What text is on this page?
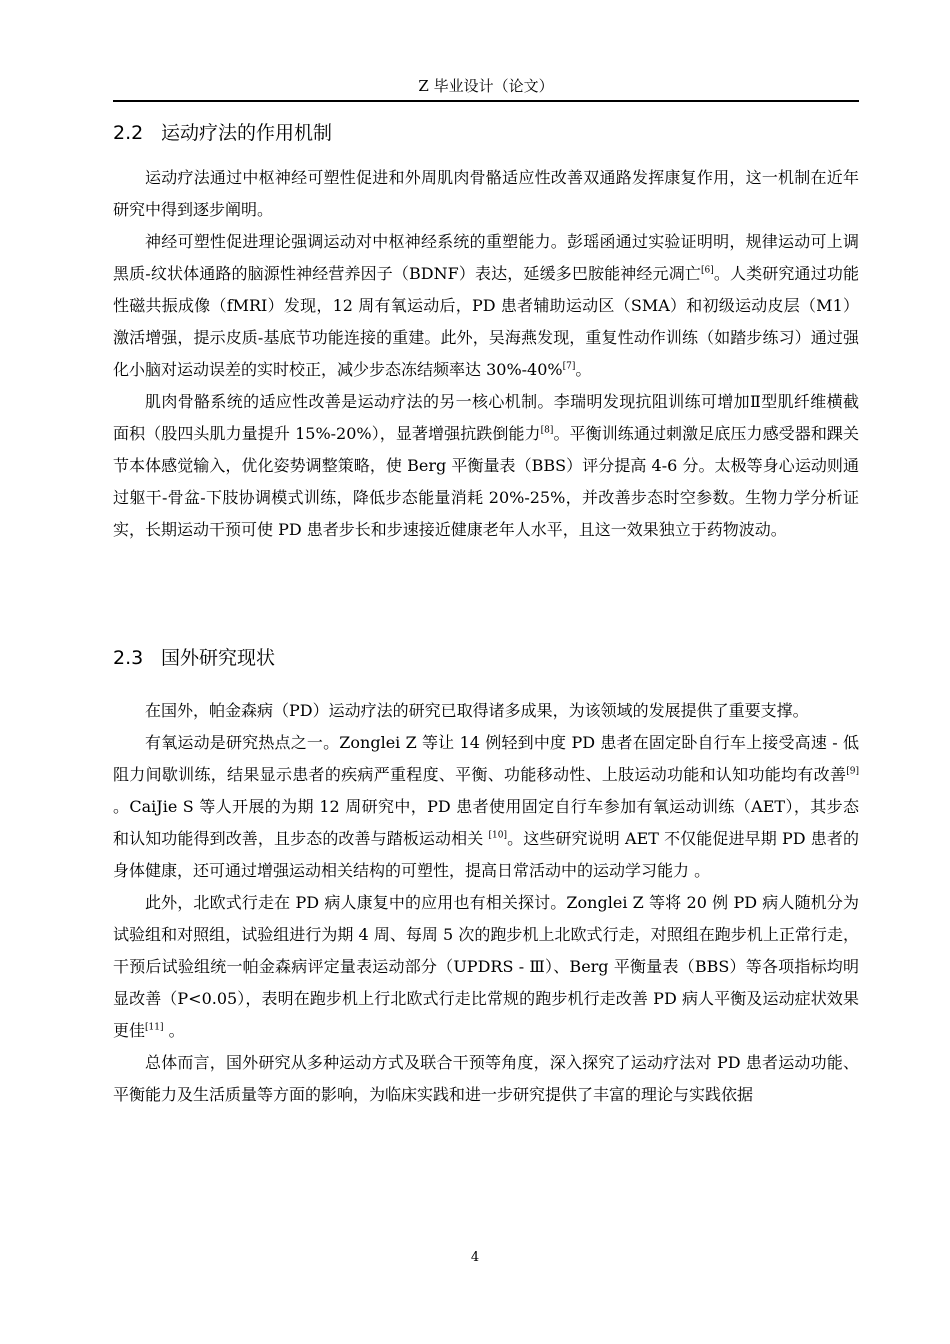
Z 毕业设计（论文）
2.2 运动疗法的作用机制

运动疗法通过中枢神经可塑性促进和外周肌肉骨骼适应性改善双通路发挥康复作用，这一机制在近年研究中得到逐步阐明。

神经可塑性促进理论强调运动对中枢神经系统的重塑能力。彭瑶函通过实验证明明，规律运动可上调黑质-纹状体通路的脑源性神经营养因子（BDNF）表达，延缓多巴胺能神经元凋亡[6]。人类研究通过功能性磁共振成像（fMRI）发现，12 周有氧运动后，PD 患者辅助运动区（SMA）和初级运动皮层（M1）激活增强，提示皮质-基底节功能连接的重建。此外，吴海燕发现，重复性动作训练（如踏步练习）通过强化小脑对运动误差的实时校正，减少步态冻结频率达 30%-40%[7]。

肌肉骨骼系统的适应性改善是运动疗法的另一核心机制。李瑞明发现抗阻训练可增加Ⅱ型肌纤维横截面积（股四头肌力量提升 15%-20%），显著增强抗跌倒能力[8]。平衡训练通过刺激足底压力感受器和踝关节本体感觉输入，优化姿势调整策略，使 Berg 平衡量表（BBS）评分提高 4-6 分。太极等身心运动则通过躯干-骨盆-下肢协调模式训练，降低步态能量消耗 20%-25%，并改善步态时空参数。生物力学分析证实，长期运动干预可使 PD 患者步长和步速接近健康老年人水平，且这一效果独立于药物波动。

2.3 国外研究现状

在国外，帕金森病（PD）运动疗法的研究已取得诸多成果，为该领域的发展提供了重要支撑。

有氧运动是研究热点之一。Zonglei Z 等让 14 例轻到中度 PD 患者在固定卧自行车上接受高速 - 低阻力间歇训练，结果显示患者的疾病严重程度、平衡、功能移动性、上肢运动功能和认知功能均有改善[9] 。CaiJie S 等人开展的为期 12 周研究中，PD 患者使用固定自行车参加有氧运动训练（AET），其步态和认知功能得到改善，且步态的改善与踏板运动相关 [10]。这些研究说明 AET 不仅能促进早期 PD 患者的身体健康，还可通过增强运动相关结构的可塑性，提高日常活动中的运动学习能力 。

此外，北欧式行走在 PD 病人康复中的应用也有相关探讨。Zonglei Z 等将 20 例 PD 病人随机分为试验组和对照组，试验组进行为期 4 周、每周 5 次的跑步机上北欧式行走，对照组在跑步机上正常行走，干预后试验组统一帕金森病评定量表运动部分（UPDRS - Ⅲ）、Berg 平衡量表（BBS）等各项指标均明显改善（P<0.05），表明在跑步机上行北欧式行走比常规的跑步机行走改善 PD 病人平衡及运动症状效果更佳[11] 。

总体而言，国外研究从多种运动方式及联合干预等角度，深入探究了运动疗法对 PD 患者运动功能、平衡能力及生活质量等方面的影响，为临床实践和进一步研究提供了丰富的理论与实践依据

4
